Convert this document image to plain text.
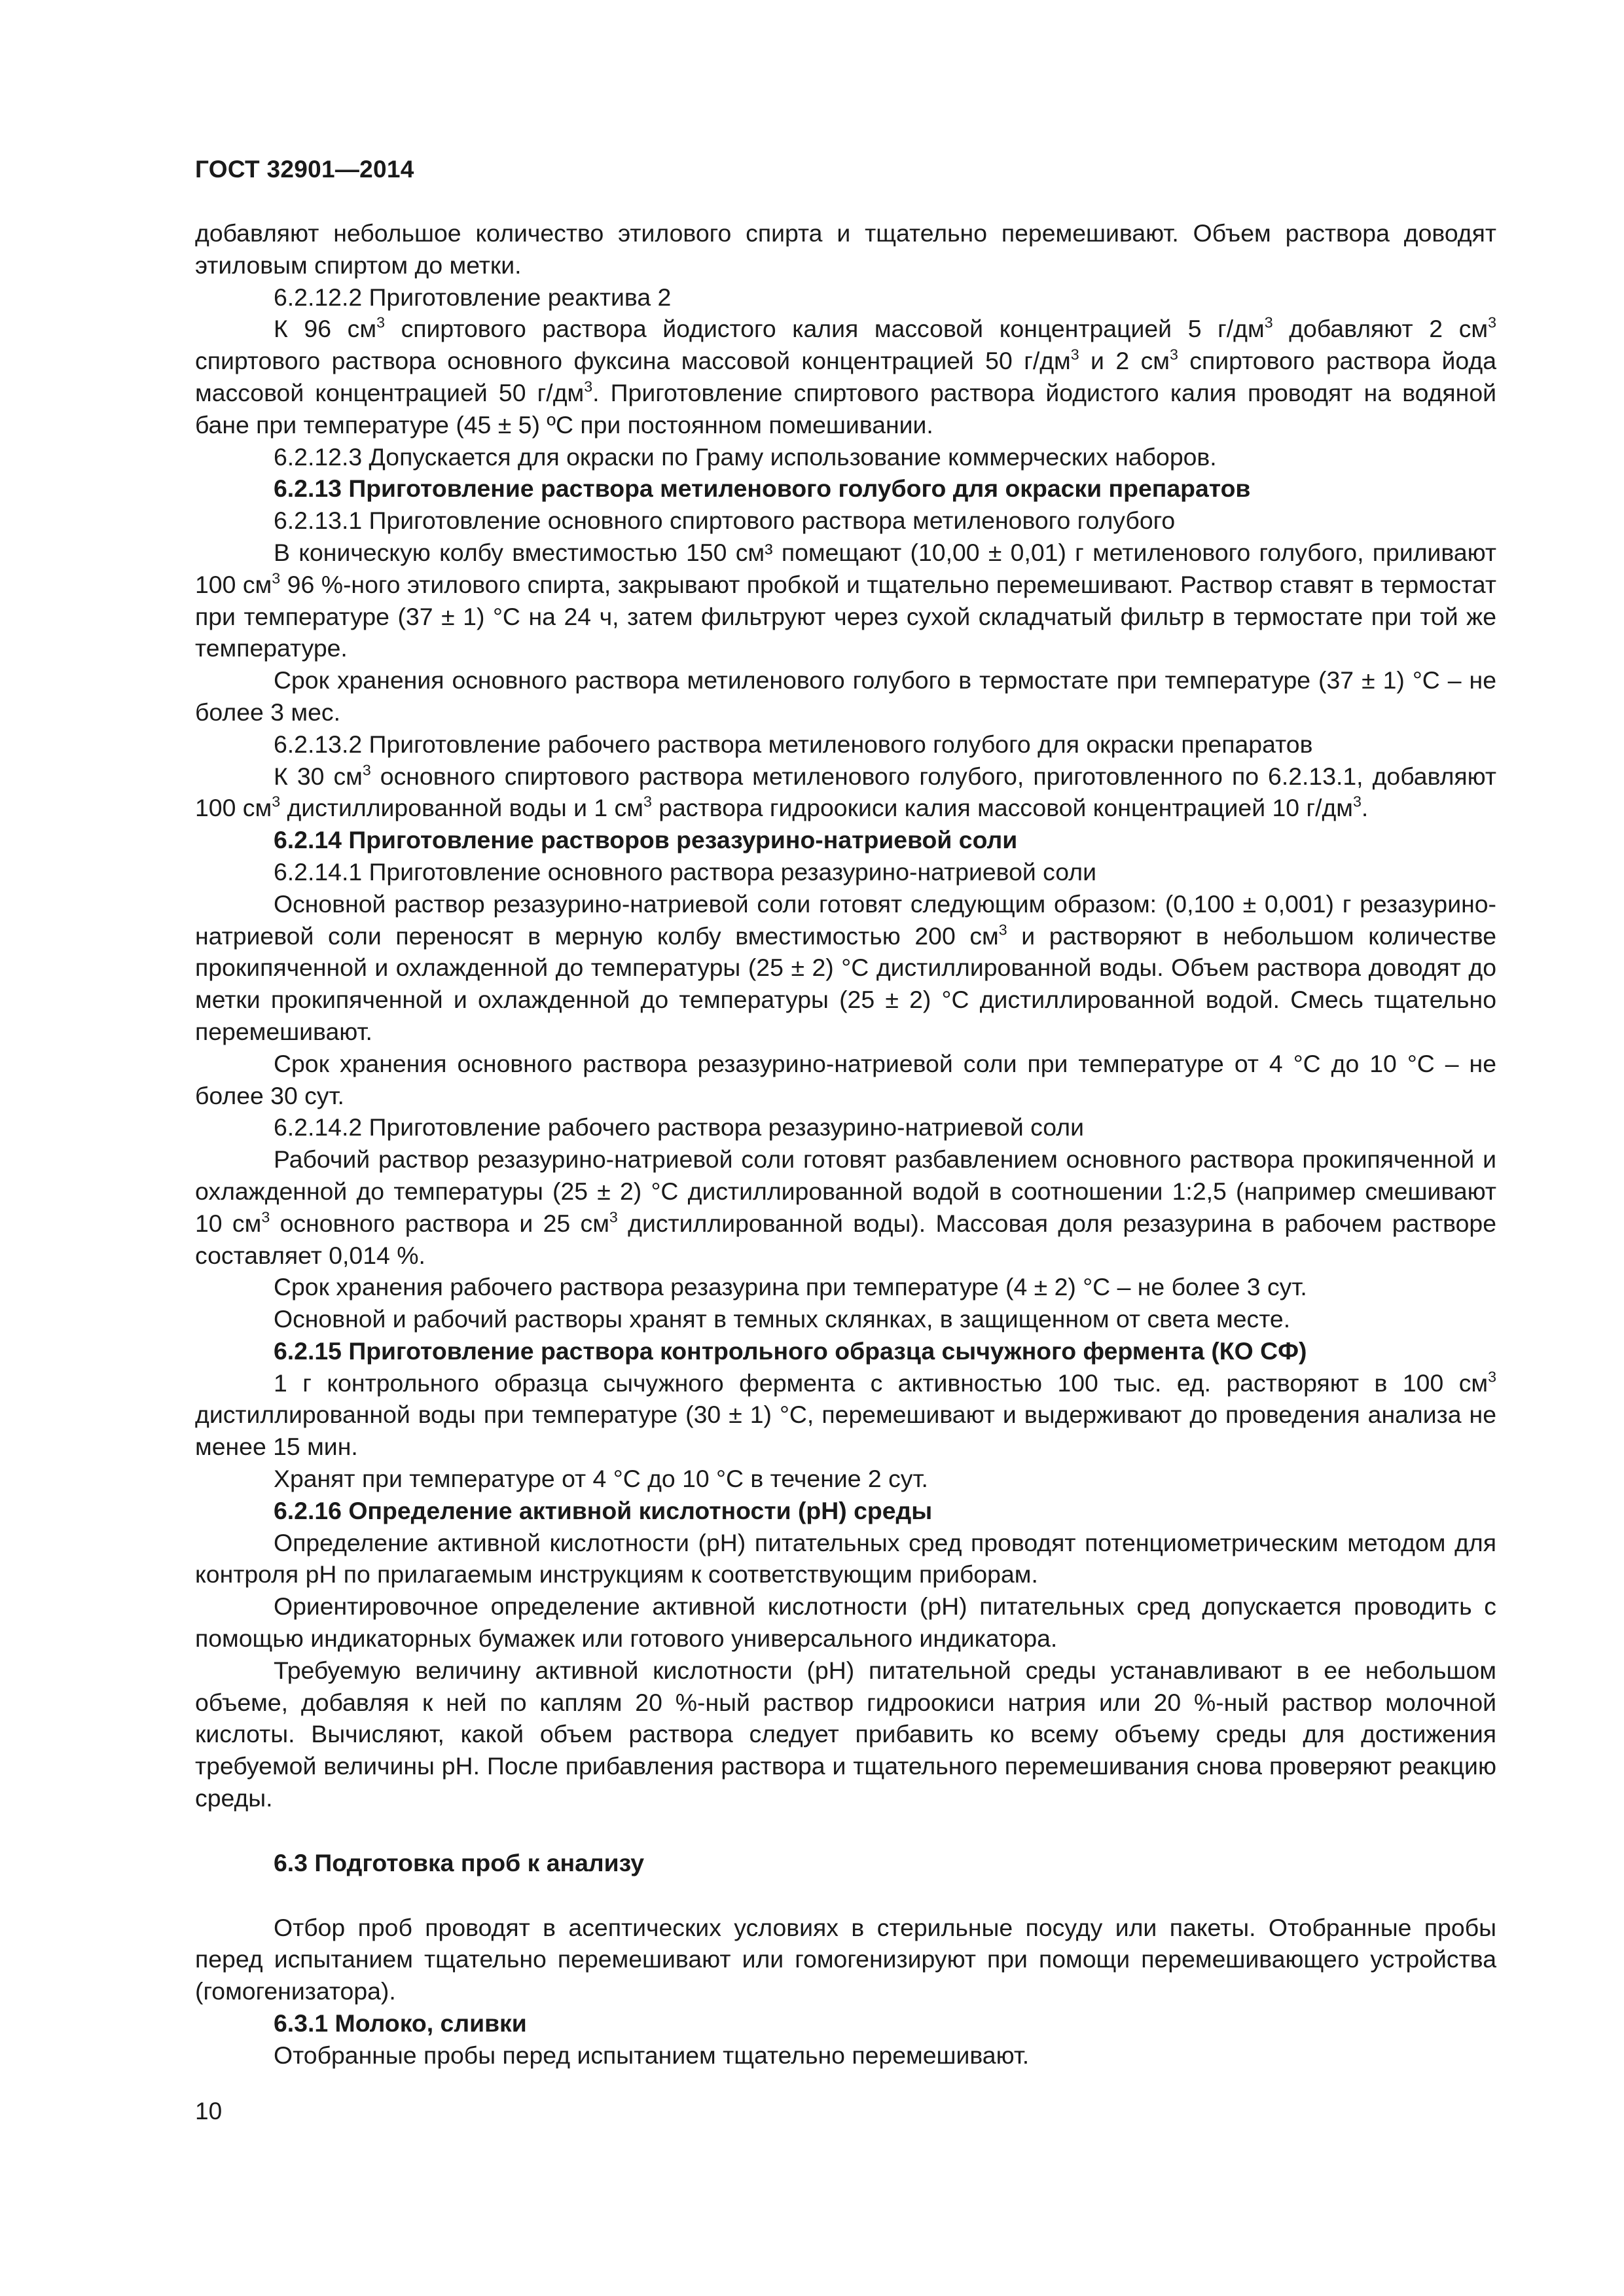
ГОСТ 32901—2014

добавляют небольшое количество этилового спирта и тщательно перемешивают. Объем раствора доводят этиловым спиртом до метки.

6.2.12.2 Приготовление реактива 2

К 96 $см^3$ спиртового раствора йодистого калия массовой концентрацией 5 $г/дм^3$ добавляют 2 $см^3$ спиртового раствора основного фуксина массовой концентрацией 50 $г/дм^3$ и 2 $см^3$ спиртового раствора йода массовой концентрацией 50 $г/дм^3$. Приготовление спиртового раствора йодистого калия проводят на водяной бане при температуре (45 ± 5) ºС при постоянном помешивании.

6.2.12.3 Допускается для окраски по Граму использование коммерческих наборов.

6.2.13 Приготовление раствора метиленового голубого для окраски препаратов

6.2.13.1 Приготовление основного спиртового раствора метиленового голубого

В коническую колбу вместимостью 150 см³ помещают (10,00 ± 0,01) г метиленового голубого, приливают 100 $см^3$ 96 %-ного этилового спирта, закрывают пробкой и тщательно перемешивают. Раствор ставят в термостат при температуре (37 ± 1) °С на 24 ч, затем фильтруют через сухой складчатый фильтр в термостате при той же температуре.

Срок хранения основного раствора метиленового голубого в термостате при температуре (37 ± 1) °С – не более 3 мес.

6.2.13.2 Приготовление рабочего раствора метиленового голубого для окраски препаратов

К 30 $см^3$ основного спиртового раствора метиленового голубого, приготовленного по 6.2.13.1, добавляют 100 $см^3$ дистиллированной воды и 1 $см^3$ раствора гидроокиси калия массовой концентрацией 10 $г/дм^3$.

6.2.14 Приготовление растворов резазурино-натриевой соли

6.2.14.1 Приготовление основного раствора резазурино-натриевой соли

Основной раствор резазурино-натриевой соли готовят следующим образом: (0,100 ± 0,001) г резазурино-натриевой соли переносят в мерную колбу вместимостью 200 $см^3$ и растворяют в небольшом количестве прокипяченной и охлажденной до температуры (25 ± 2) °С дистиллированной воды. Объем раствора доводят до метки прокипяченной и охлажденной до температуры (25 ± 2) °С дистиллированной водой. Смесь тщательно перемешивают.

Срок хранения основного раствора резазурино-натриевой соли при температуре от 4 °С до 10 °С – не более 30 сут.

6.2.14.2 Приготовление рабочего раствора резазурино-натриевой соли

Рабочий раствор резазурино-натриевой соли готовят разбавлением основного раствора прокипяченной и охлажденной до температуры (25 ± 2) °С дистиллированной водой в соотношении 1:2,5 (например смешивают 10 $см^3$ основного раствора и 25 $см^3$ дистиллированной воды). Массовая доля резазурина в рабочем растворе составляет 0,014 %.

Срок хранения рабочего раствора резазурина при температуре (4 ± 2) °С – не более 3 сут.

Основной и рабочий растворы хранят в темных склянках, в защищенном от света месте.

6.2.15 Приготовление раствора контрольного образца сычужного фермента (КО СФ)

1 г контрольного образца сычужного фермента с активностью 100 тыс. ед. растворяют в 100 $см^3$ дистиллированной воды при температуре (30 ± 1) °С, перемешивают и выдерживают до проведения анализа не менее 15 мин.

Хранят при температуре от 4 °С до 10 °С в течение 2 сут.

6.2.16 Определение активной кислотности (рН) среды

Определение активной кислотности (рН) питательных сред проводят потенциометрическим методом для контроля рН по прилагаемым инструкциям к соответствующим приборам.

Ориентировочное определение активной кислотности (рН) питательных сред допускается проводить с помощью индикаторных бумажек или готового универсального индикатора.

Требуемую величину активной кислотности (рН) питательной среды устанавливают в ее небольшом объеме, добавляя к ней по каплям 20 %-ный раствор гидроокиси натрия или 20 %-ный раствор молочной кислоты. Вычисляют, какой объем раствора следует прибавить ко всему объему среды для достижения требуемой величины рН. После прибавления раствора и тщательного перемешивания снова проверяют реакцию среды.

6.3 Подготовка проб к анализу

Отбор проб проводят в асептических условиях в стерильные посуду или пакеты. Отобранные пробы перед испытанием тщательно перемешивают или гомогенизируют при помощи перемешивающего устройства (гомогенизатора).

6.3.1 Молоко, сливки

Отобранные пробы перед испытанием тщательно перемешивают.

10
